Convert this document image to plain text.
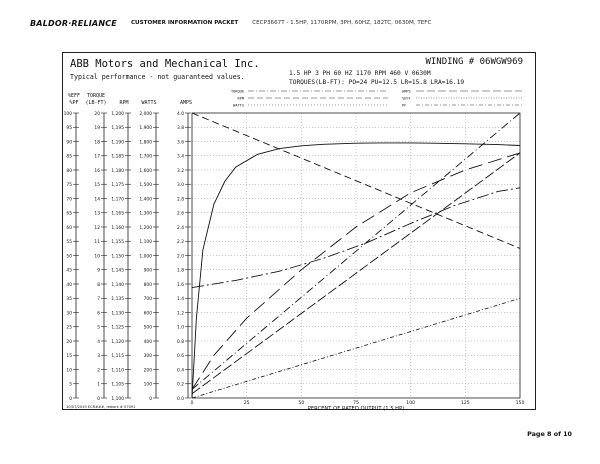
BALDOR·RELIANCE	CUSTOMER INFORMATION PACKET	CECP3667T - 1.5HP, 1170RPM, 3PH, 60HZ, 182TC, 0630M, TEFC
ABB Motors and Mechanical Inc.
Typical performance - not guaranteed values.
WINDING # 06WGW969
1.5 HP 3 PH 60 HZ 1170 RPM 460 V 0630M
TORQUES(LB-FT): PO=24 PU=12.5 LR=15.8 LRA=16.19
0
5
10
15
20
25
30
35
40
45
50
55
60
65
70
75
80
85
90
95
100
0
1
2
3
4
5
6
7
8
9
10
11
12
13
14
15
16
17
18
19
20
1,100
1,105
1,110
1,115
1,120
1,125
1,130
1,135
1,140
1,145
1,150
1,155
1,160
1,165
1,170
1,175
1,180
1,185
1,190
1,195
1,200
0
100
200
300
400
500
600
700
800
900
1,000
1,100
1,200
1,300
1,400
1,500
1,600
1,700
1,800
1,900
2,000
0.0
0.2
0.4
0.6
0.8
1.0
1.2
1.4
1.6
1.8
2.0
2.2
2.4
2.6
2.8
3.0
3.2
3.4
3.6
3.8
4.0
%EFF
%PF
TORQUE
(LB-FT)	RPM	WATTS	AMPS
0	25	50	75	100	125	150
PERCENT OF RATED OUTPUT (1.5 HP)
10/07/2019 ECR###, rework # 07091
TORQUE
RPM
WATTS
AMPS
%EFF
PF
Page 8 of 10
